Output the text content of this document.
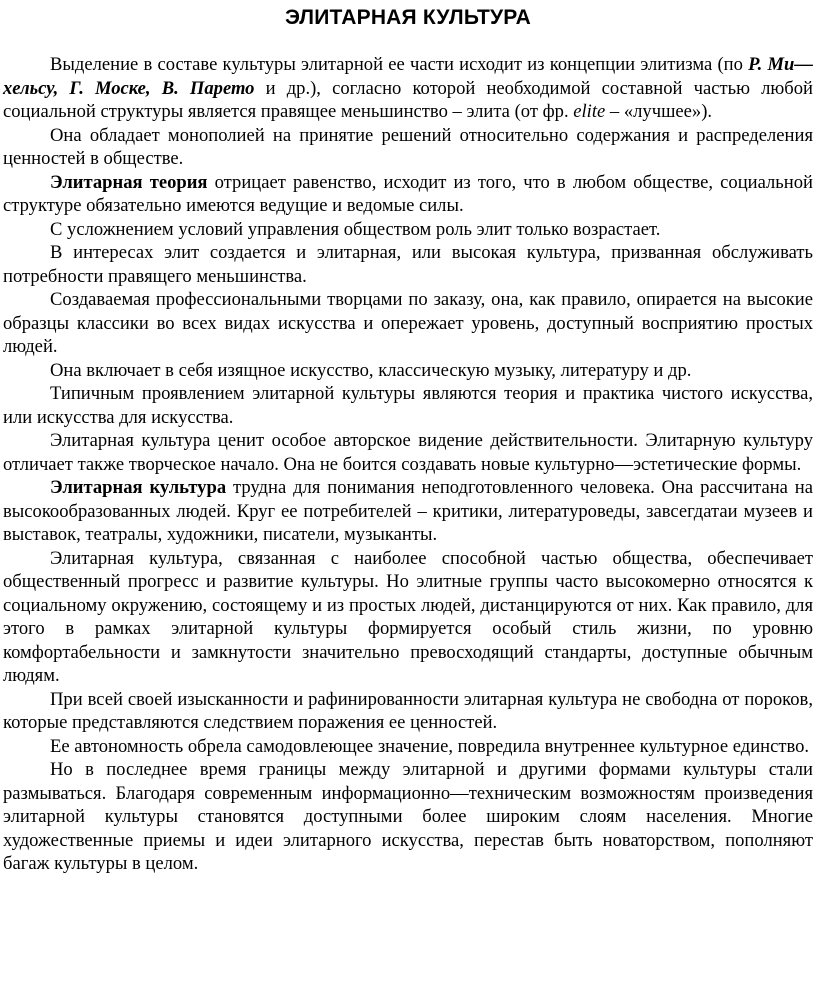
ЭЛИТАРНАЯ КУЛЬТУРА

Выделение в составе культуры элитарной ее части исходит из концепции элитизма (по Р. Ми—хельсу, Г. Моске, В. Парето и др.), согласно которой необходимой составной частью любой социальной структуры является правящее меньшинство – элита (от фр. elite – «лучшее»).

Она обладает монополией на принятие решений относительно содержания и распределения ценностей в обществе.

Элитарная теория отрицает равенство, исходит из того, что в любом обществе, социальной структуре обязательно имеются ведущие и ведомые силы.

С усложнением условий управления обществом роль элит только возрастает.

В интересах элит создается и элитарная, или высокая культура, призванная обслуживать потребности правящего меньшинства.

Создаваемая профессиональными творцами по заказу, она, как правило, опирается на высокие образцы классики во всех видах искусства и опережает уровень, доступный восприятию простых людей.

Она включает в себя изящное искусство, классическую музыку, литературу и др.

Типичным проявлением элитарной культуры являются теория и практика чистого искусства, или искусства для искусства.

Элитарная культура ценит особое авторское видение действительности. Элитарную культуру отличает также творческое начало. Она не боится создавать новые культурно—эстетические формы.

Элитарная культура трудна для понимания неподготовленного человека. Она рассчитана на высокообразованных людей. Круг ее потребителей – критики, литературоведы, завсегдатаи музеев и выставок, театралы, художники, писатели, музыканты.

Элитарная культура, связанная с наиболее способной частью общества, обеспечивает общественный прогресс и развитие культуры. Но элитные группы часто высокомерно относятся к социальному окружению, состоящему и из простых людей, дистанцируются от них. Как правило, для этого в рамках элитарной культуры формируется особый стиль жизни, по уровню комфортабельности и замкнутости значительно превосходящий стандарты, доступные обычным людям.

При всей своей изысканности и рафинированности элитарная культура не свободна от пороков, которые представляются следствием поражения ее ценностей.

Ее автономность обрела самодовлеющее значение, повредила внутреннее культурное единство.

Но в последнее время границы между элитарной и другими формами культуры стали размываться. Благодаря современным информационно—техническим возможностям произведения элитарной культуры становятся доступными более широким слоям населения. Многие художественные приемы и идеи элитарного искусства, перестав быть новаторством, пополняют багаж культуры в целом.
